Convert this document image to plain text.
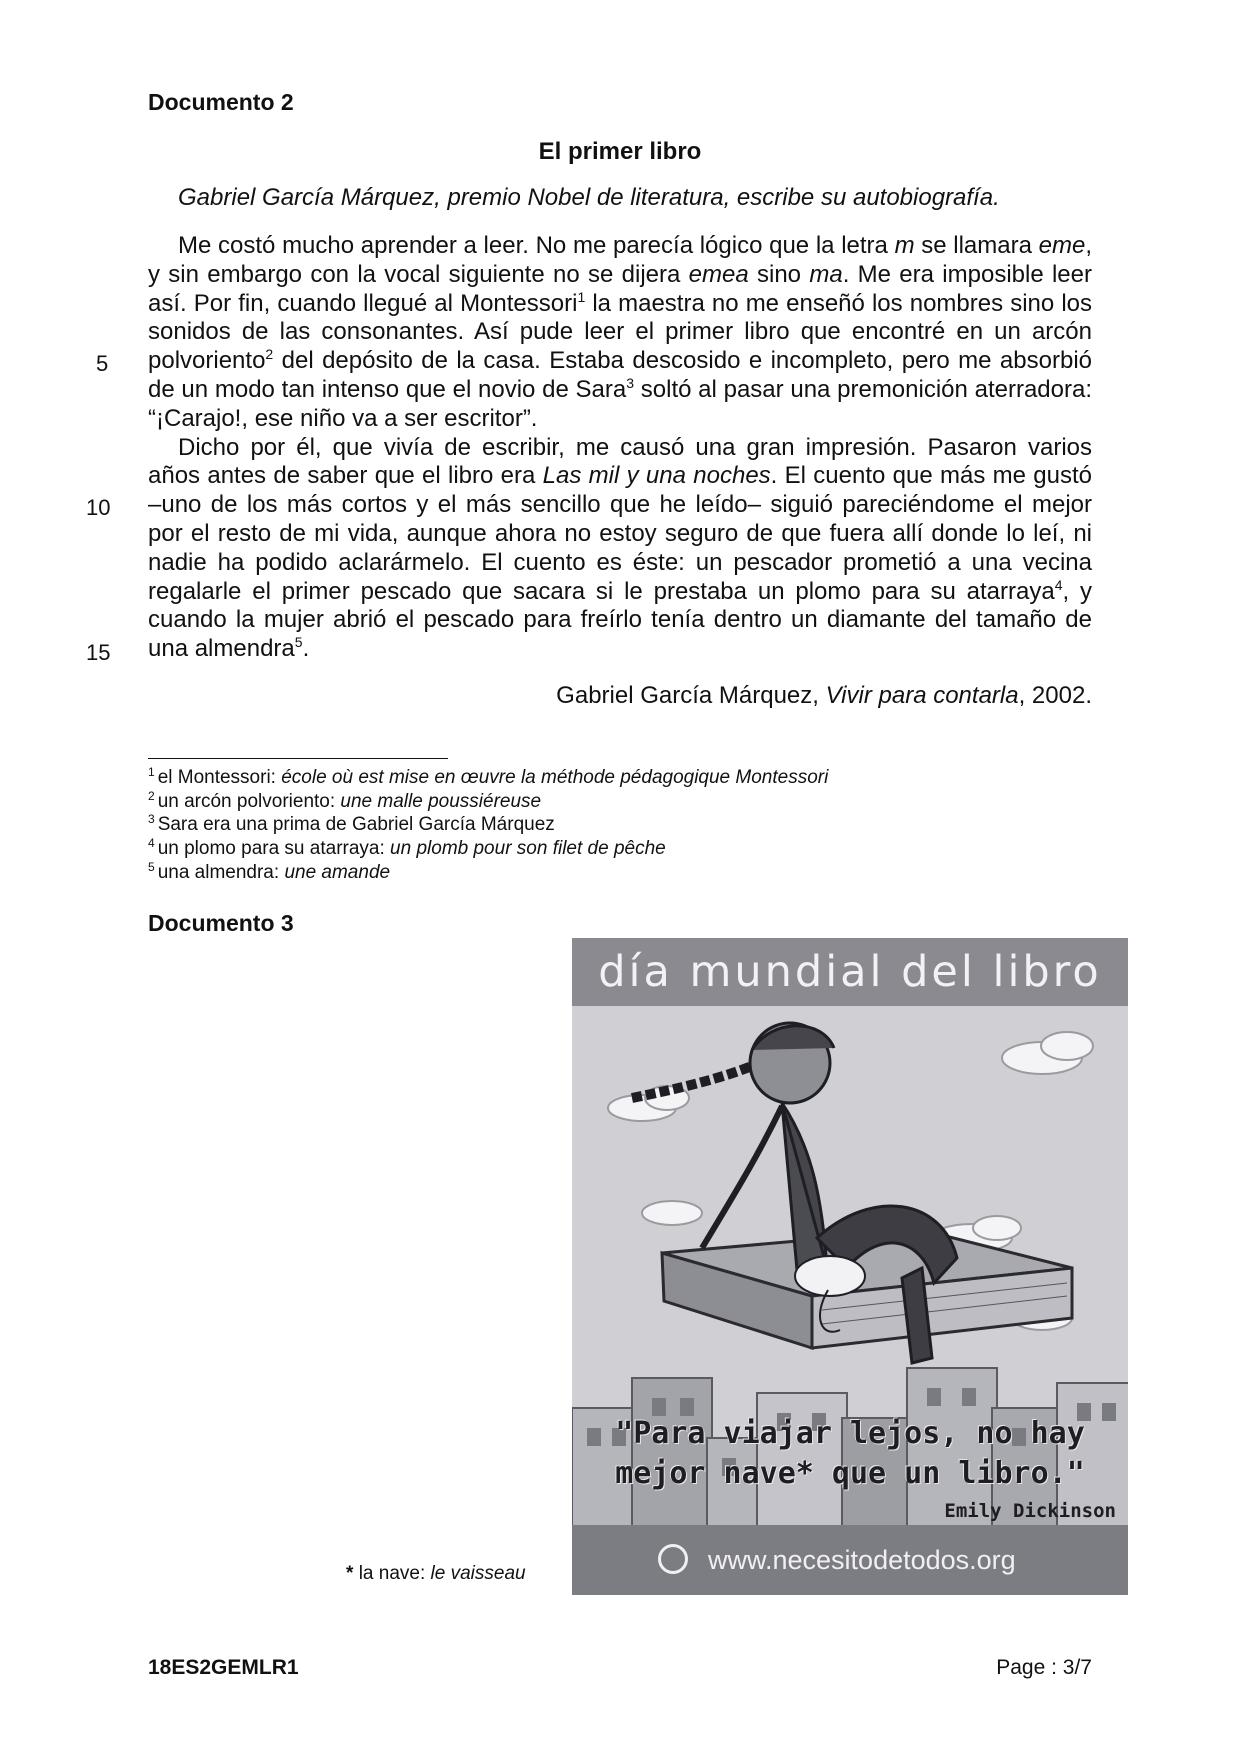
Documento 2
El primer libro
Gabriel García Márquez, premio Nobel de literatura, escribe su autobiografía.

Me costó mucho aprender a leer. No me parecía lógico que la letra m se llamara eme, y sin embargo con la vocal siguiente no se dijera emea sino ma. Me era imposible leer así. Por fin, cuando llegué al Montessori$^1$ la maestra no me enseñó los nombres sino los sonidos de las consonantes. Así pude leer el primer libro que encontré en un arcón polvoriento$^2$ del depósito de la casa. Estaba descosido e incompleto, pero me absorbió de un modo tan intenso que el novio de Sara$^3$ soltó al pasar una premonición aterradora: “¡Carajo!, ese niño va a ser escritor”.

Dicho por él, que vivía de escribir, me causó una gran impresión. Pasaron varios años antes de saber que el libro era Las mil y una noches. El cuento que más me gustó –uno de los más cortos y el más sencillo que he leído– siguió pareciéndome el mejor por el resto de mi vida, aunque ahora no estoy seguro de que fuera allí donde lo leí, ni nadie ha podido aclarármelo. El cuento es éste: un pescador prometió a una vecina regalarle el primer pescado que sacara si le prestaba un plomo para su atarraya$^4$, y cuando la mujer abrió el pescado para freírlo tenía dentro un diamante del tamaño de una almendra$^5$.

5
10
15
Gabriel García Márquez, Vivir para contarla, 2002.
$^1$ el Montessori: école où est mise en œuvre la méthode pédagogique Montessori
$^2$ un arcón polvoriento: une malle poussiéreuse
$^3$ Sara era una prima de Gabriel García Márquez
$^4$ un plomo para su atarraya: un plomb pour son filet de pêche
$^5$ una almendra: une amande
Documento 3
día mundial del libro
"Para viajar lejos, no hay
mejor nave* que un libro."
Emily Dickinson
www.necesitodetodos.org
* la nave: le vaisseau
18ES2GEMLR1	Page : 3/7
